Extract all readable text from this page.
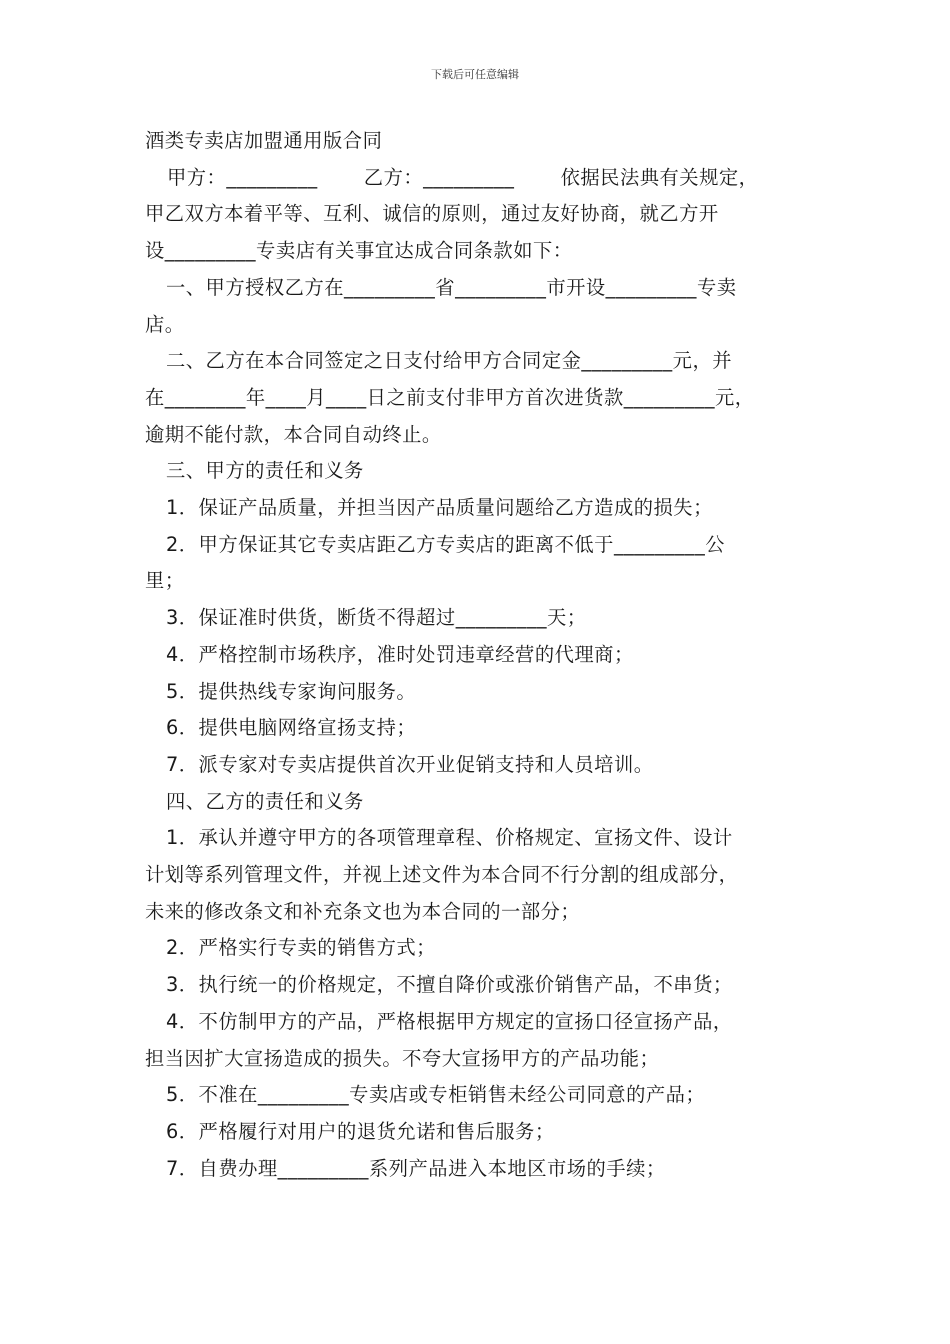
下载后可任意编辑

酒类专卖店加盟通用版合同

甲方：_________ 　　乙方：_________ 　　依据民法典有关规定，

甲乙双方本着平等、互利、诚信的原则，通过友好协商，就乙方开

设_________专卖店有关事宜达成合同条款如下：

一、甲方授权乙方在_________省_________市开设_________专卖

店。

二、乙方在本合同签定之日支付给甲方合同定金_________元，并

在________年____月____日之前支付非甲方首次进货款_________元，

逾期不能付款，本合同自动终止。

三、甲方的责任和义务

1．保证产品质量，并担当因产品质量问题给乙方造成的损失；

2．甲方保证其它专卖店距乙方专卖店的距离不低于_________公

里；

3．保证准时供货，断货不得超过_________天；

4．严格控制市场秩序，准时处罚违章经营的代理商；

5．提供热线专家询问服务。

6．提供电脑网络宣扬支持；

7．派专家对专卖店提供首次开业促销支持和人员培训。

四、乙方的责任和义务

1．承认并遵守甲方的各项管理章程、价格规定、宣扬文件、设计

计划等系列管理文件，并视上述文件为本合同不行分割的组成部分，

未来的修改条文和补充条文也为本合同的一部分；

2．严格实行专卖的销售方式；

3．执行统一的价格规定，不擅自降价或涨价销售产品，不串货；

4．不仿制甲方的产品，严格根据甲方规定的宣扬口径宣扬产品，

担当因扩大宣扬造成的损失。不夸大宣扬甲方的产品功能；

5．不准在_________专卖店或专柜销售未经公司同意的产品；

6．严格履行对用户的退货允诺和售后服务；

7．自费办理_________系列产品进入本地区市场的手续；
